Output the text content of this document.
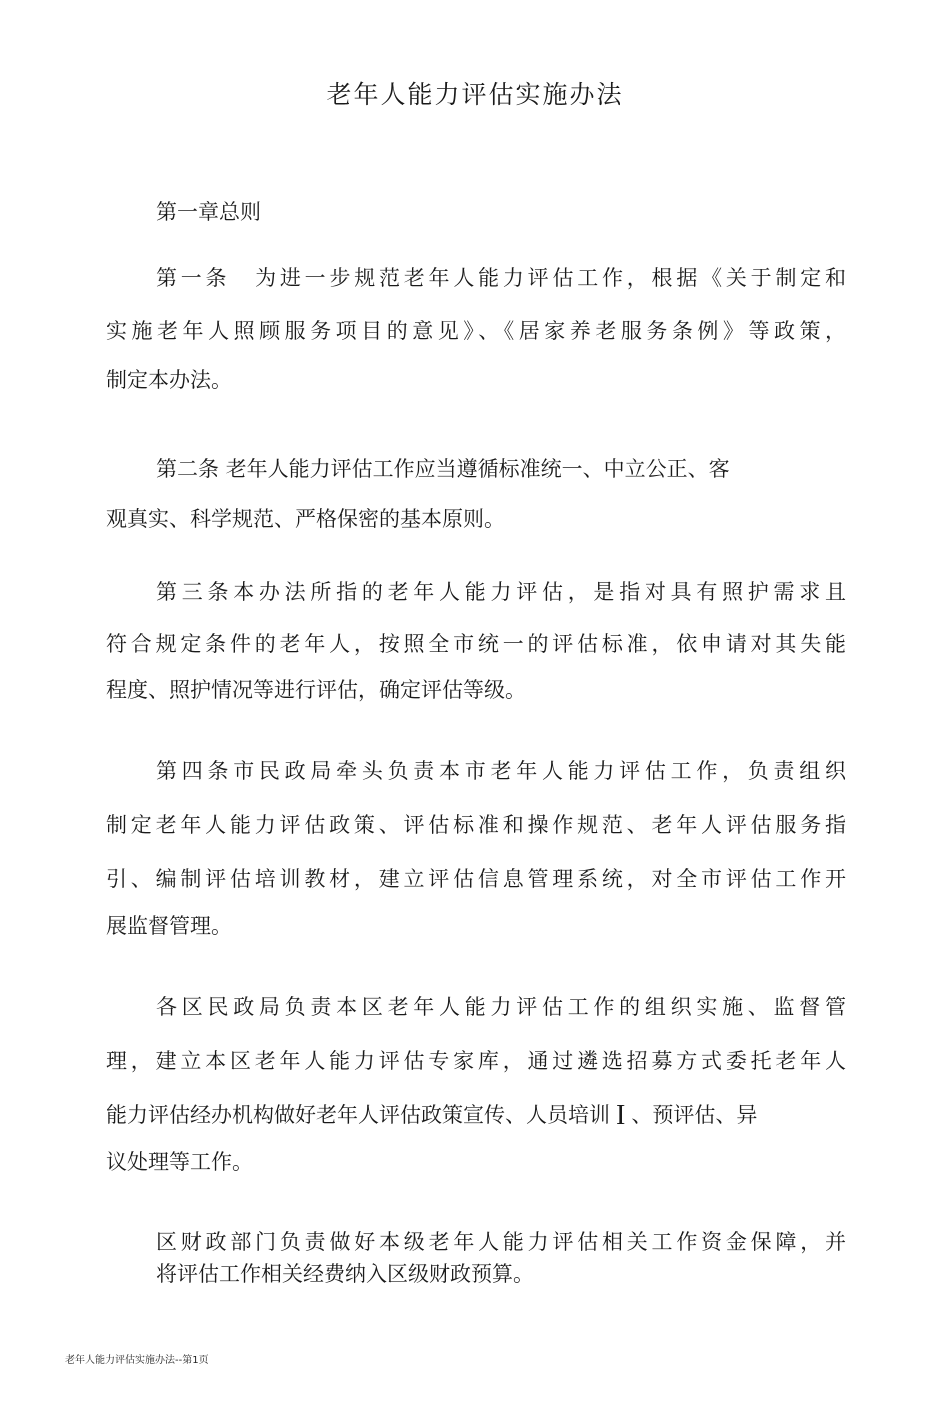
老年人能力评估实施办法

第一章总则

第一条　为进一步规范老年人能力评估工作，根据《关于制定和
实施老年人照顾服务项目的意见》、《居家养老服务条例》等政策，
制定本办法。
第二条 老年人能力评估工作应当遵循标准统一、中立公正、客
观真实、科学规范、严格保密的基本原则。
第三条本办法所指的老年人能力评估，是指对具有照护需求且
符合规定条件的老年人，按照全市统一的评估标准，依申请对其失能
程度、照护情况等进行评估，确定评估等级。
第四条市民政局牵头负责本市老年人能力评估工作，负责组织
制定老年人能力评估政策、评估标准和操作规范、老年人评估服务指
引、编制评估培训教材，建立评估信息管理系统，对全市评估工作开
展监督管理。
各区民政局负责本区老年人能力评估工作的组织实施、监督管
理，建立本区老年人能力评估专家库，通过遴选招募方式委托老年人
能力评估经办机构做好老年人评估政策宣传、人员培训 I 、预评估、异
议处理等工作。
区财政部门负责做好本级老年人能力评估相关工作资金保障，并
将评估工作相关经费纳入区级财政预算。
老年人能力评估实施办法--第1页
